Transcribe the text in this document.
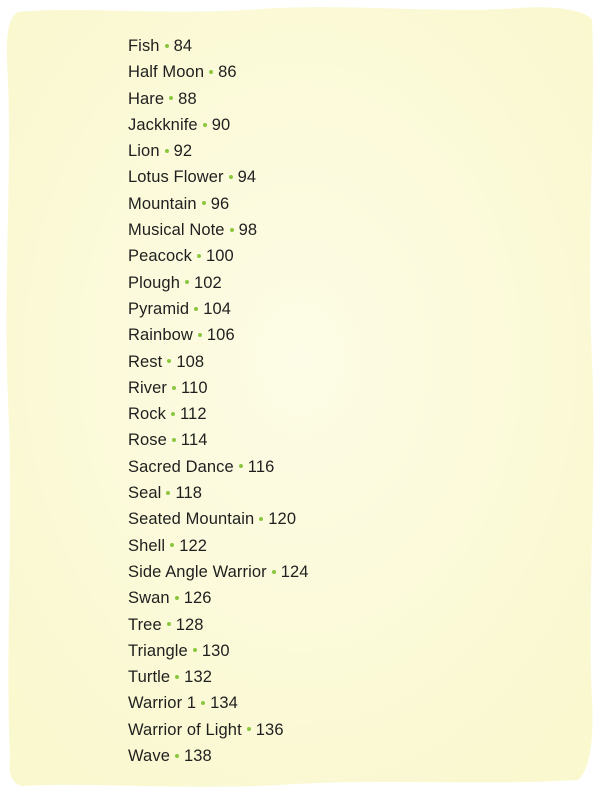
Fish 84
Half Moon 86
Hare 88
Jackknife 90
Lion 92
Lotus Flower 94
Mountain 96
Musical Note 98
Peacock 100
Plough 102
Pyramid 104
Rainbow 106
Rest 108
River 110
Rock 112
Rose 114
Sacred Dance 116
Seal 118
Seated Mountain 120
Shell 122
Side Angle Warrior 124
Swan 126
Tree 128
Triangle 130
Turtle 132
Warrior 1 134
Warrior of Light 136
Wave 138
